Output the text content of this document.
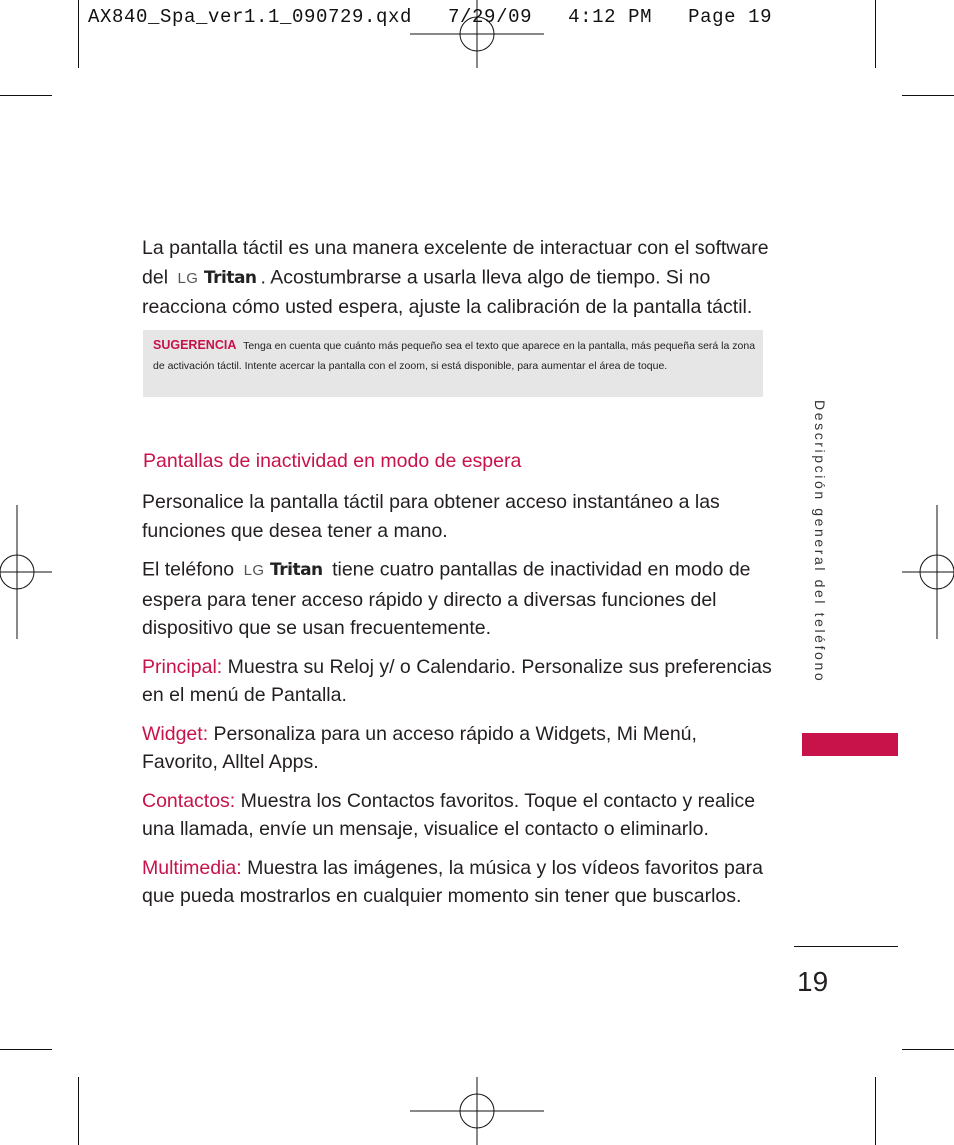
AX840_Spa_ver1.1_090729.qxd   7/29/09   4:12 PM   Page 19

La pantalla táctil es una manera excelente de interactuar con el software

del LG Tritan . Acostumbrarse a usarla lleva algo de tiempo. Si no

reacciona cómo usted espera, ajuste la calibración de la pantalla táctil.

SUGERENCIA Tenga en cuenta que cuánto más pequeño sea el texto que aparece en la pantalla, más pequeña será la zona de activación táctil. Intente acercar la pantalla con el zoom, si está disponible, para aumentar el área de toque.
Pantallas de inactividad en modo de espera

Personalice la pantalla táctil para obtener acceso instantáneo a las funciones que desea tener a mano.

El teléfono LG Tritan tiene cuatro pantallas de inactividad en modo de espera para tener acceso rápido y directo a diversas funciones del dispositivo que se usan frecuentemente.

Principal: Muestra su Reloj y/ o Calendario. Personalize sus preferencias en el menú de Pantalla.

Widget: Personaliza para un acceso rápido a Widgets, Mi Menú, Favorito, Alltel Apps.

Contactos: Muestra los Contactos favoritos. Toque el contacto y realice una llamada, envíe un mensaje, visualice el contacto o eliminarlo.

Multimedia: Muestra las imágenes, la música y los vídeos favoritos para que pueda mostrarlos en cualquier momento sin tener que buscarlos.

Descripción general del teléfono
19
